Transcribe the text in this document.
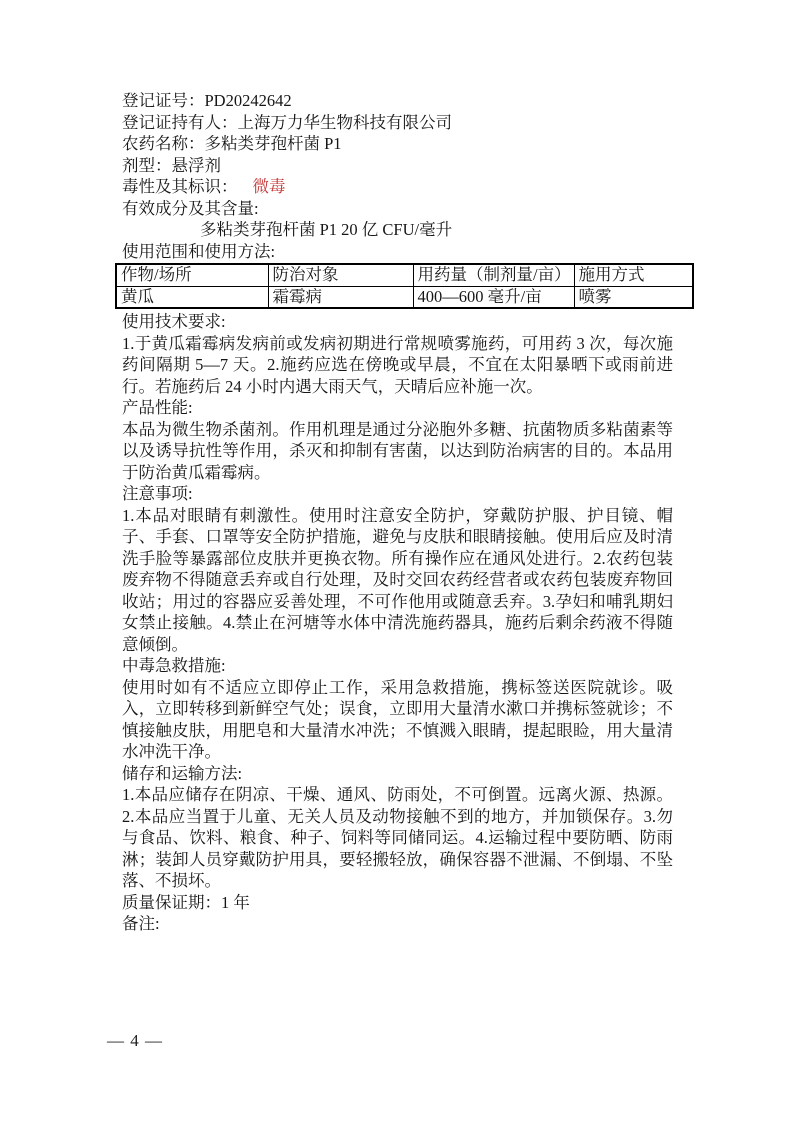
登记证号：PD20242642
登记证持有人：上海万力华生物科技有限公司
农药名称：多粘类芽孢杆菌 P1
剂型：悬浮剂
毒性及其标识： 微毒
有效成分及其含量:
多粘类芽孢杆菌 P1 20 亿 CFU/毫升
使用范围和使用方法:
作物/场所	防治对象	用药量（制剂量/亩）	施用方式
黄瓜	霜霉病	400—600 毫升/亩	喷雾
使用技术要求:
1.于黄瓜霜霉病发病前或发病初期进行常规喷雾施药，可用药 3 次，每次施药间隔期 5—7 天。2.施药应选在傍晚或早晨，不宜在太阳暴晒下或雨前进行。若施药后 24 小时内遇大雨天气，天晴后应补施一次。
产品性能:
本品为微生物杀菌剂。作用机理是通过分泌胞外多糖、抗菌物质多粘菌素等以及诱导抗性等作用，杀灭和抑制有害菌，以达到防治病害的目的。本品用于防治黄瓜霜霉病。
注意事项:
1.本品对眼睛有刺激性。使用时注意安全防护，穿戴防护服、护目镜、帽子、手套、口罩等安全防护措施，避免与皮肤和眼睛接触。使用后应及时清洗手脸等暴露部位皮肤并更换衣物。所有操作应在通风处进行。2.农药包装废弃物不得随意丢弃或自行处理，及时交回农药经营者或农药包装废弃物回收站；用过的容器应妥善处理，不可作他用或随意丢弃。3.孕妇和哺乳期妇女禁止接触。4.禁止在河塘等水体中清洗施药器具，施药后剩余药液不得随意倾倒。
中毒急救措施:
使用时如有不适应立即停止工作，采用急救措施，携标签送医院就诊。吸入，立即转移到新鲜空气处；误食，立即用大量清水漱口并携标签就诊；不慎接触皮肤，用肥皂和大量清水冲洗；不慎溅入眼睛，提起眼睑，用大量清水冲洗干净。
储存和运输方法:
1.本品应储存在阴凉、干燥、通风、防雨处，不可倒置。远离火源、热源。2.本品应当置于儿童、无关人员及动物接触不到的地方，并加锁保存。3.勿与食品、饮料、粮食、种子、饲料等同储同运。4.运输过程中要防晒、防雨淋；装卸人员穿戴防护用具，要轻搬轻放，确保容器不泄漏、不倒塌、不坠落、不损坏。
质量保证期：1 年
备注:
— 4 —
